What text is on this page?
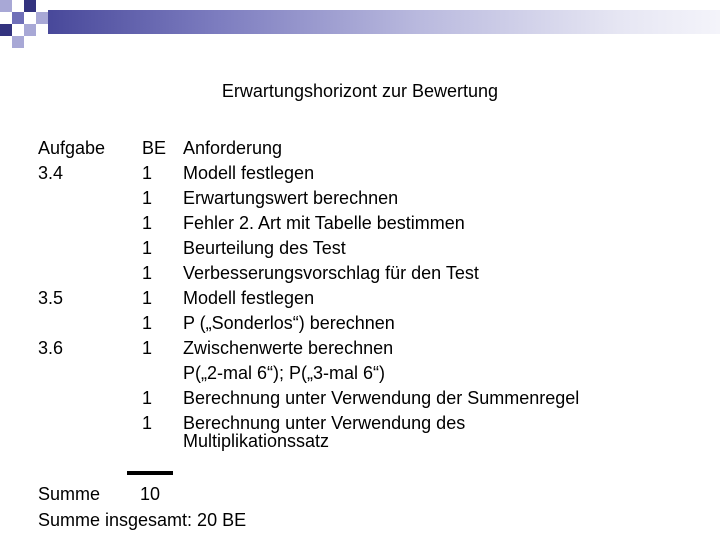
Erwartungshorizont zur Bewertung
Aufgabe BE Anforderung
3.4	1 Modell festlegen
1 Erwartungswert berechnen
1 Fehler 2. Art mit Tabelle bestimmen
1 Beurteilung des Test
1 Verbesserungsvorschlag für den Test
3.5	1 Modell festlegen
1 P („Sonderlos“) berechnen
3.6	1 Zwischenwerte berechnen
P(„2-mal 6“); P(„3-mal 6“)
1 Berechnung unter Verwendung der Summenregel
1 Berechnung unter Verwendung des
Multiplikationssatz
Summe 10
Summe insgesamt: 20 BE
